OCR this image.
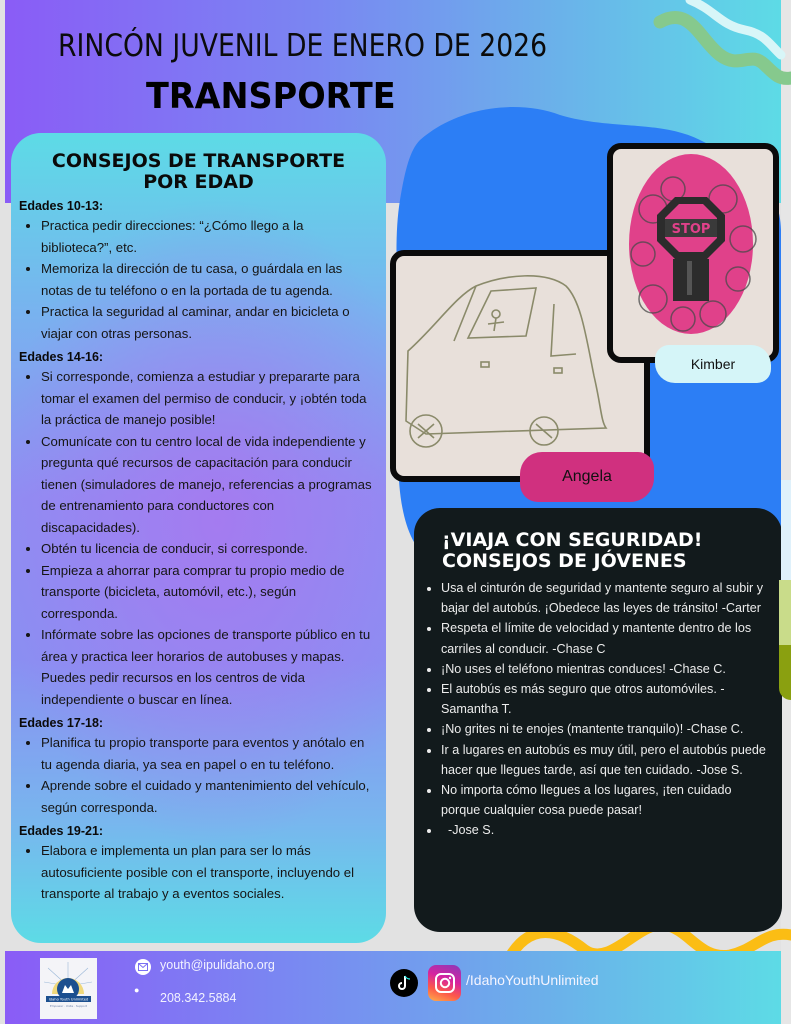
RINCÓN JUVENIL DE ENERO DE 2026
TRANSPORTE
CONSEJOS DE TRANSPORTE
POR EDAD
Edades 10-13:
• Practica pedir direcciones: “¿Cómo llego a la biblioteca?”, etc.
• Memoriza la dirección de tu casa, o guárdala en las notas de tu teléfono o en la portada de tu agenda.
• Practica la seguridad al caminar, andar en bicicleta o viajar con otras personas.
Edades 14-16:
• Si corresponde, comienza a estudiar y prepararte para tomar el examen del permiso de conducir, y ¡obtén toda la práctica de manejo posible!
• Comunícate con tu centro local de vida independiente y pregunta qué recursos de capacitación para conducir tienen (simuladores de manejo, referencias a programas de entrenamiento para conductores con discapacidades).
• Obtén tu licencia de conducir, si corresponde.
• Empieza a ahorrar para comprar tu propio medio de transporte (bicicleta, automóvil, etc.), según corresponda.
• Infórmate sobre las opciones de transporte público en tu área y practica leer horarios de autobuses y mapas. Puedes pedir recursos en los centros de vida independiente o buscar en línea.
Edades 17-18:
• Planifica tu propio transporte para eventos y anótalo en tu agenda diaria, ya sea en papel o en tu teléfono.
• Aprende sobre el cuidado y mantenimiento del vehículo, según corresponda.
Edades 19-21:
• Elabora e implementa un plan para ser lo más autosuficiente posible con el transporte, incluyendo el transporte al trabajo y a eventos sociales.
STOP
Kimber
Angela
¡VIAJA CON SEGURIDAD!
CONSEJOS DE JÓVENES
• Usa el cinturón de seguridad y mantente seguro al subir y bajar del autobús. ¡Obedece las leyes de tránsito! -Carter
• Respeta el límite de velocidad y mantente dentro de los carriles al conducir. -Chase C
• ¡No uses el teléfono mientras conduces! -Chase C.
• El autobús es más seguro que otros automóviles. -Samantha T.
• ¡No grites ni te enojes (mantente tranquilo)! -Chase C.
• Ir a lugares en autobús es muy útil, pero el autobús puede hacer que llegues tarde, así que ten cuidado. -Jose S.
• No importa cómo llegues a los lugares, ¡ten cuidado porque cualquier cosa puede pasar!
•   -Jose S.
Idaho Youth Unlimited
Empower · Unite · Support
youth@ipulidaho.org
●
208.342.5884
/IdahoYouthUnlimited
